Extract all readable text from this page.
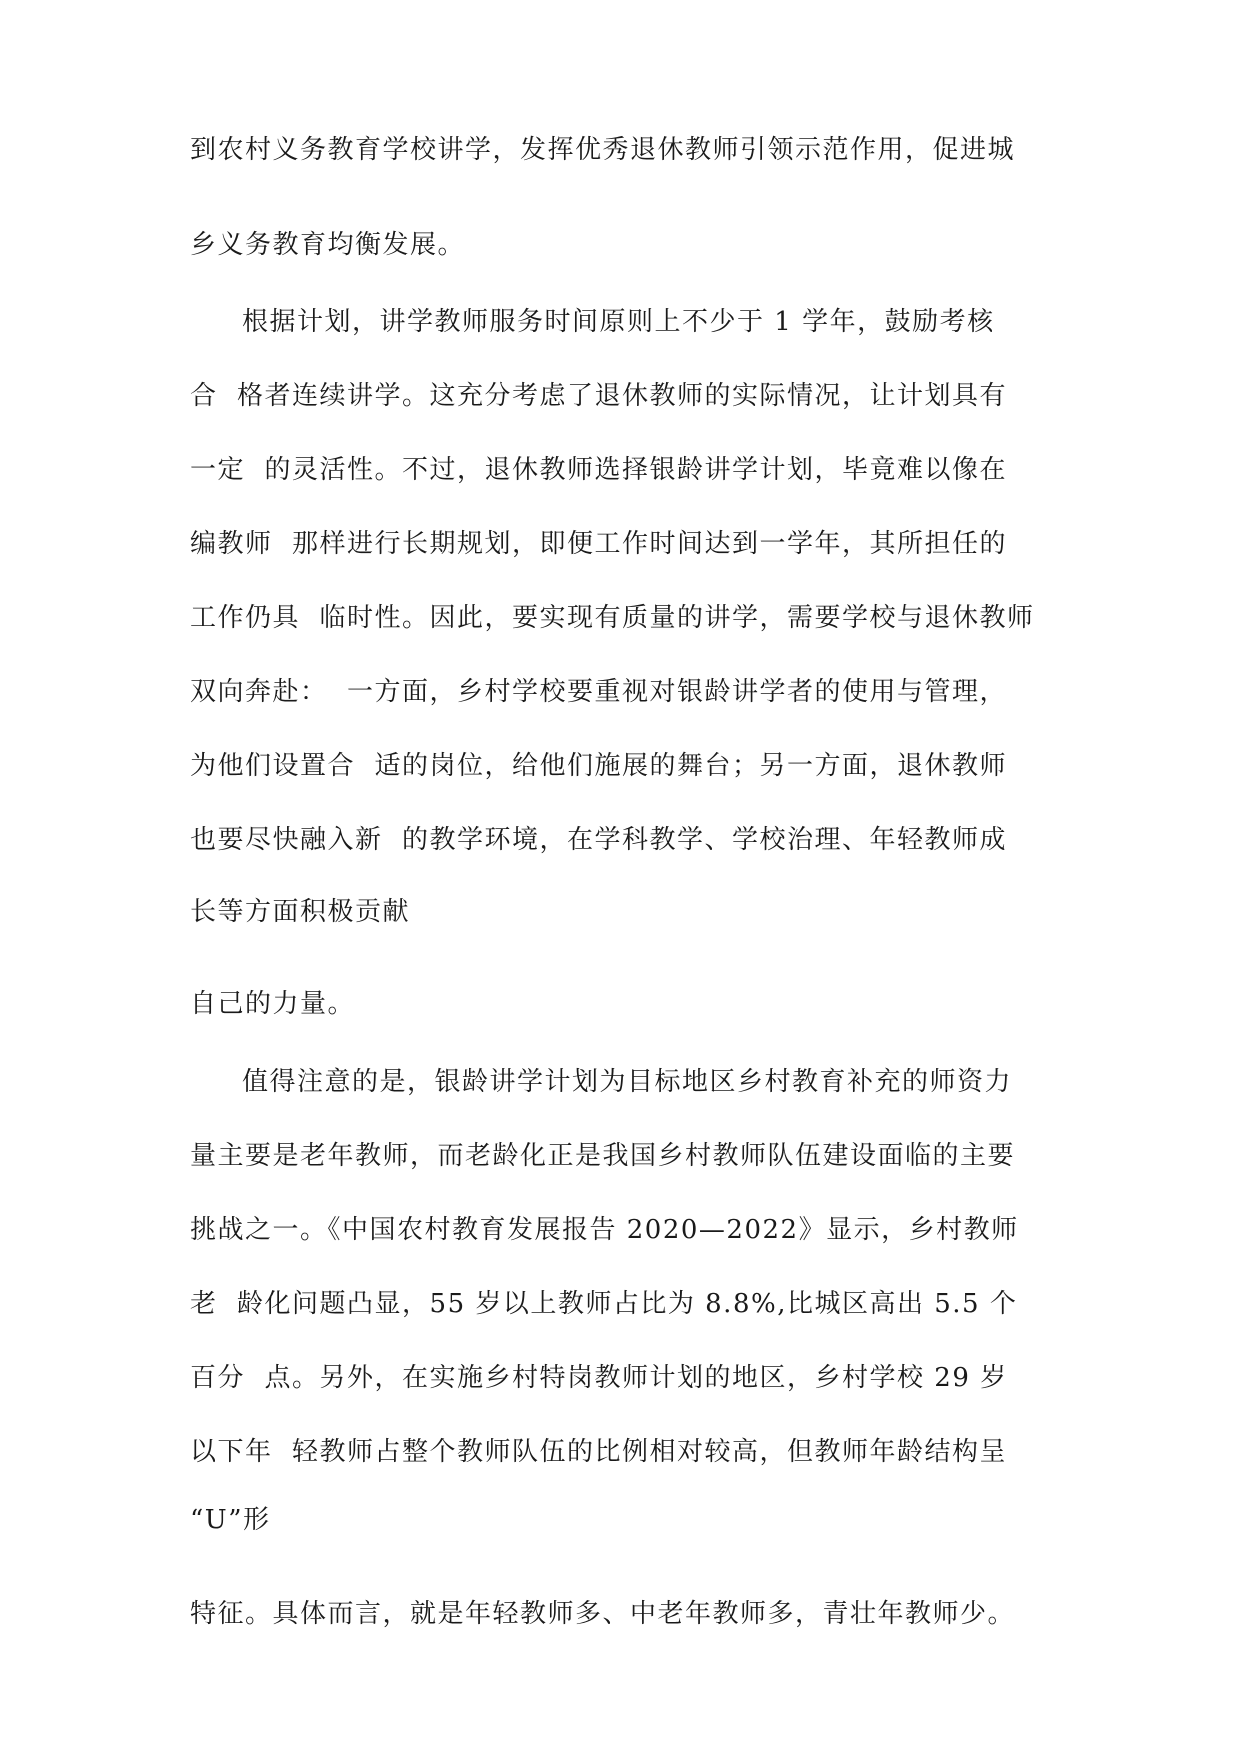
到农村义务教育学校讲学，发挥优秀退休教师引领示范作用，促进城
乡义务教育均衡发展。
根据计划，讲学教师服务时间原则上不少于 1 学年，鼓励考核
合  格者连续讲学。这充分考虑了退休教师的实际情况，让计划具有
一定  的灵活性。不过，退休教师选择银龄讲学计划，毕竟难以像在
编教师  那样进行长期规划，即便工作时间达到一学年，其所担任的
工作仍具  临时性。因此，要实现有质量的讲学，需要学校与退休教师
双向奔赴：  一方面，乡村学校要重视对银龄讲学者的使用与管理，
为他们设置合  适的岗位，给他们施展的舞台；另一方面，退休教师
也要尽快融入新  的教学环境，在学科教学、学校治理、年轻教师成
长等方面积极贡献
自己的力量。
值得注意的是，银龄讲学计划为目标地区乡村教育补充的师资力
量主要是老年教师，而老龄化正是我国乡村教师队伍建设面临的主要
挑战之一。《中国农村教育发展报告 2020—2022》显示，乡村教师
老  龄化问题凸显，55 岁以上教师占比为 8.8%,比城区高出 5.5 个
百分  点。另外，在实施乡村特岗教师计划的地区，乡村学校 29 岁
以下年  轻教师占整个教师队伍的比例相对较高，但教师年龄结构呈
“U”形
特征。具体而言，就是年轻教师多、中老年教师多，青壮年教师少。
